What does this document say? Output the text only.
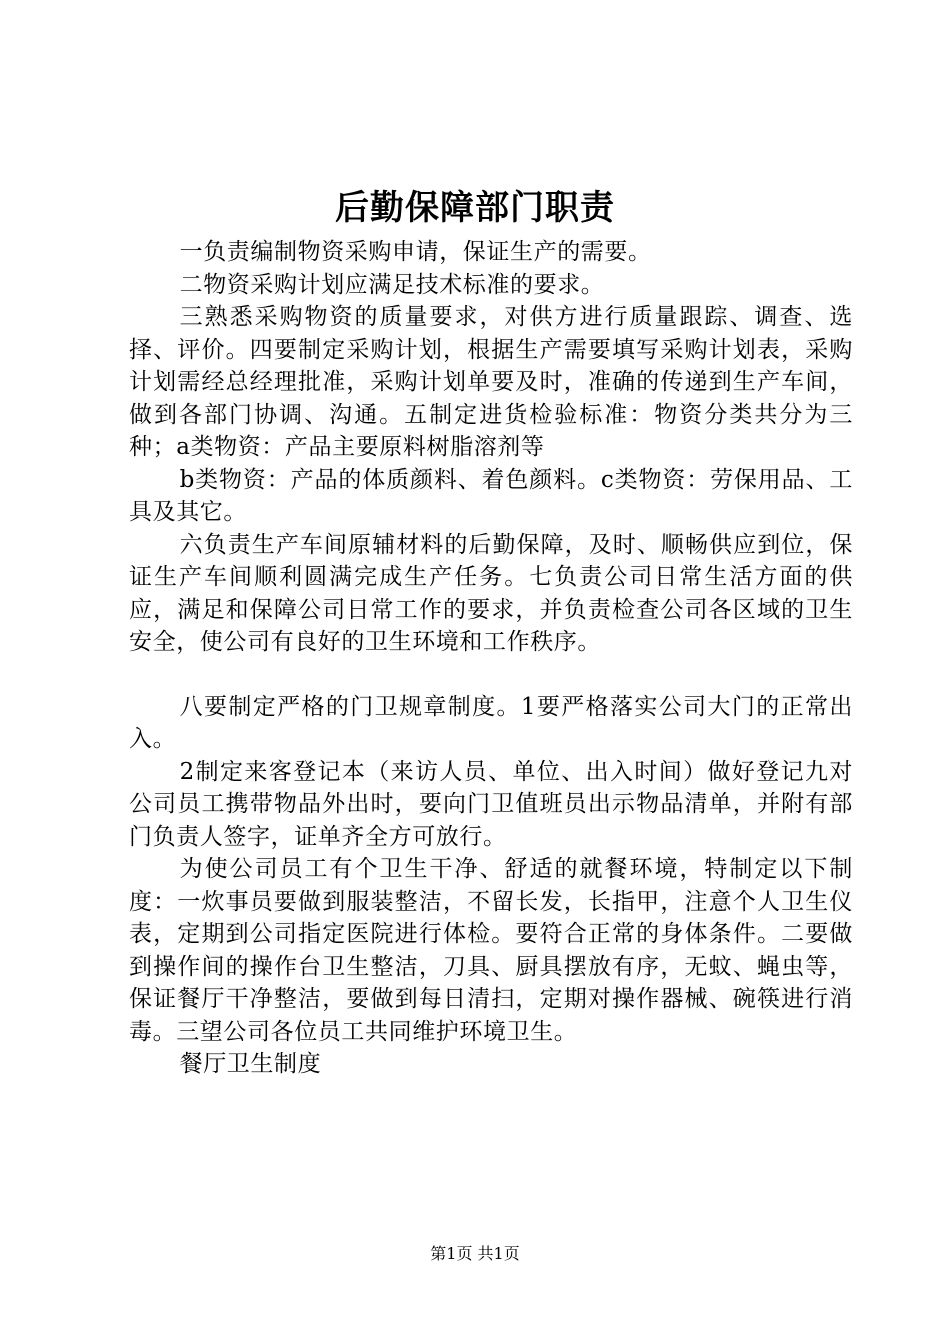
后勤保障部门职责

一负责编制物资采购申请，保证生产的需要。

二物资采购计划应满足技术标准的要求。

三熟悉采购物资的质量要求，对供方进行质量跟踪、调查、选择、评价。四要制定采购计划，根据生产需要填写采购计划表，采购计划需经总经理批准，采购计划单要及时，准确的传递到生产车间，做到各部门协调、沟通。五制定进货检验标准：物资分类共分为三种；a类物资：产品主要原料树脂溶剂等

b类物资：产品的体质颜料、着色颜料。c类物资：劳保用品、工具及其它。

六负责生产车间原辅材料的后勤保障，及时、顺畅供应到位，保证生产车间顺利圆满完成生产任务。七负责公司日常生活方面的供应，满足和保障公司日常工作的要求，并负责检查公司各区域的卫生安全，使公司有良好的卫生环境和工作秩序。

八要制定严格的门卫规章制度。1要严格落实公司大门的正常出入。

2制定来客登记本（来访人员、单位、出入时间）做好登记九对公司员工携带物品外出时，要向门卫值班员出示物品清单，并附有部门负责人签字，证单齐全方可放行。

为使公司员工有个卫生干净、舒适的就餐环境，特制定以下制度：一炊事员要做到服装整洁，不留长发，长指甲，注意个人卫生仪表，定期到公司指定医院进行体检。要符合正常的身体条件。二要做到操作间的操作台卫生整洁，刀具、厨具摆放有序，无蚊、蝇虫等，保证餐厅干净整洁，要做到每日清扫，定期对操作器械、碗筷进行消毒。三望公司各位员工共同维护环境卫生。

餐厅卫生制度

第1页 共1页
